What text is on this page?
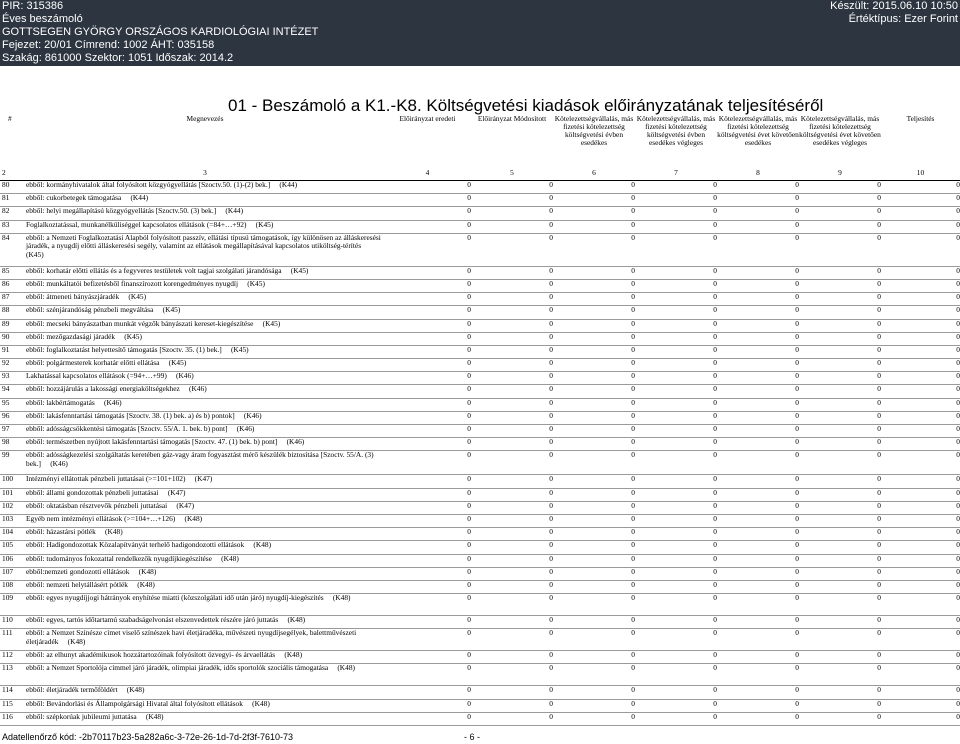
PIR: 315386
Éves beszámoló
GOTTSEGEN GYÖRGY ORSZÁGOS KARDIOLÓGIAI INTÉZET
Fejezet: 20/01 Címrend: 1002 ÁHT: 035158
Szakág: 861000 Szektor: 1051 Időszak: 2014.2
Készült: 2015.06.10 10:50
Értéktípus: Ezer Forint
01 - Beszámoló a K1.-K8. Költségvetési kiadások előirányzatának teljesítéséről
#	Megnevezés	Előirányzat eredeti	Előirányzat Módosított	Kötelezettségvállalás, más fizetési kötelezettség költségvetési évben esedékes	Kötelezettségvállalás, más fizetési kötelezettség költségvetési évben esedékes végleges	Kötelezettségvállalás, más fizetési kötelezettség költségvetési évet követően esedékes	Kötelezettségvállalás, más fizetési kötelezettség költségvetési évet követően esedékes végleges	Teljesítés
2	3	4	5	6	7	8	9	10
80	ebből: kormányhivatalok által folyósított közgyógyellátás [Szoctv.50. (1)-(2) bek.]     (K44)	0	0	0	0	0	0	0
81	ebből: cukorbetegek támogatása     (K44)	0	0	0	0	0	0	0
82	ebből: helyi megállapítású közgyógyellátás [Szoctv.50. (3) bek.]     (K44)	0	0	0	0	0	0	0
83	Foglalkoztatással, munkanélküliséggel kapcsolatos ellátások (=84+…+92)     (K45)	0	0	0	0	0	0	0
84	ebből: a Nemzeti Foglalkoztatási Alapból folyósított passzív, ellátási típusú támogatások, így különösen az álláskeresési járadék, a nyugdíj előtti álláskeresési segély, valamint az ellátások megállapításával kapcsolatos utiköltség-térítés     (K45)	0	0	0	0	0	0	0
85	ebből: korhatár előtti ellátás és a fegyveres testületek volt tagjai szolgálati járandósága     (K45)	0	0	0	0	0	0	0
86	ebből: munkáltatói befizetésből finanszírozott korengedményes nyugdíj     (K45)	0	0	0	0	0	0	0
87	ebből: átmeneti bányászjáradék     (K45)	0	0	0	0	0	0	0
88	ebből: szénjárandóság pénzbeli megváltása     (K45)	0	0	0	0	0	0	0
89	ebből: mecseki bányászatban munkát végzők bányászati kereset-kiegészítése     (K45)	0	0	0	0	0	0	0
90	ebből: mezőgazdasági járadék     (K45)	0	0	0	0	0	0	0
91	ebből: foglalkoztatást helyettesítő támogatás [Szoctv. 35. (1) bek.]     (K45)	0	0	0	0	0	0	0
92	ebből: polgármesterek korhatár előtti ellátása     (K45)	0	0	0	0	0	0	0
93	Lakhatással kapcsolatos ellátások (=94+…+99)     (K46)	0	0	0	0	0	0	0
94	ebből: hozzájárulás a lakossági energiaköltségekhez     (K46)	0	0	0	0	0	0	0
95	ebből: lakbértámogatás     (K46)	0	0	0	0	0	0	0
96	ebből: lakásfenntartási támogatás [Szoctv. 38. (1) bek. a) és b) pontok]     (K46)	0	0	0	0	0	0	0
97	ebből: adósságcsökkentési támogatás [Szoctv. 55/A. 1. bek. b) pont]     (K46)	0	0	0	0	0	0	0
98	ebből: természetben nyújtott lakásfenntartási támogatás [Szoctv. 47. (1) bek. b) pont]     (K46)	0	0	0	0	0	0	0
99	ebből: adósságkezelési szolgáltatás keretében gáz-vagy áram fogyasztást mérő készülék biztosítása [Szoctv. 55/A. (3) bek.]     (K46)	0	0	0	0	0	0	0
100	Intézményi ellátottak pénzbeli juttatásai (>=101+102)     (K47)	0	0	0	0	0	0	0
101	ebből: állami gondozottak pénzbeli juttatásai     (K47)	0	0	0	0	0	0	0
102	ebből: oktatásban résztvevők pénzbeli juttatásai     (K47)	0	0	0	0	0	0	0
103	Egyéb nem intézményi ellátások (>=104+…+126)     (K48)	0	0	0	0	0	0	0
104	ebből: házastársi pótlék     (K48)	0	0	0	0	0	0	0
105	ebből: Hadigondozottak Közalapítványát terhelő hadigondozotti ellátások     (K48)	0	0	0	0	0	0	0
106	ebből: tudományos fokozattal rendelkezők nyugdíjkiegészítése     (K48)	0	0	0	0	0	0	0
107	ebből:nemzeti gondozotti ellátások     (K48)	0	0	0	0	0	0	0
108	ebből: nemzeti helytállásért pótlék     (K48)	0	0	0	0	0	0	0
109	ebből: egyes nyugdíjjogi hátrányok enyhítése miatti (közszolgálati idő után járó) nyugdíj-kiegészítés     (K48)	0	0	0	0	0	0	0
110	ebből: egyes, tartós időtartamú szabadságelvonást elszenvedettek részére járó juttatás     (K48)	0	0	0	0	0	0	0
111	ebből: a Nemzet Színésze címet viselő színészek havi életjáradéka, művészeti nyugdíjsegélyek, balettművészeti életjáradék     (K48)	0	0	0	0	0	0	0
112	ebből: az elhunyt akadémikusok hozzátartozóinak folyósított özvegyi- és árvaellátás     (K48)	0	0	0	0	0	0	0
113	ebből: a Nemzet Sportolója címmel járó járadék, olimpiai járadék, idős sportolók szociális támogatása     (K48)	0	0	0	0	0	0	0
114	ebből: életjáradék termőföldért     (K48)	0	0	0	0	0	0	0
115	ebből: Bevándorlási és Állampolgársági Hivatal által folyósított ellátások     (K48)	0	0	0	0	0	0	0
116	ebből: szépkorúak jubileumi juttatása     (K48)	0	0	0	0	0	0	0
Adatellenőrző kód: -2b70117b23-5a282a6c-3-72e-26-1d-7d-2f3f-7610-73	- 6 -
